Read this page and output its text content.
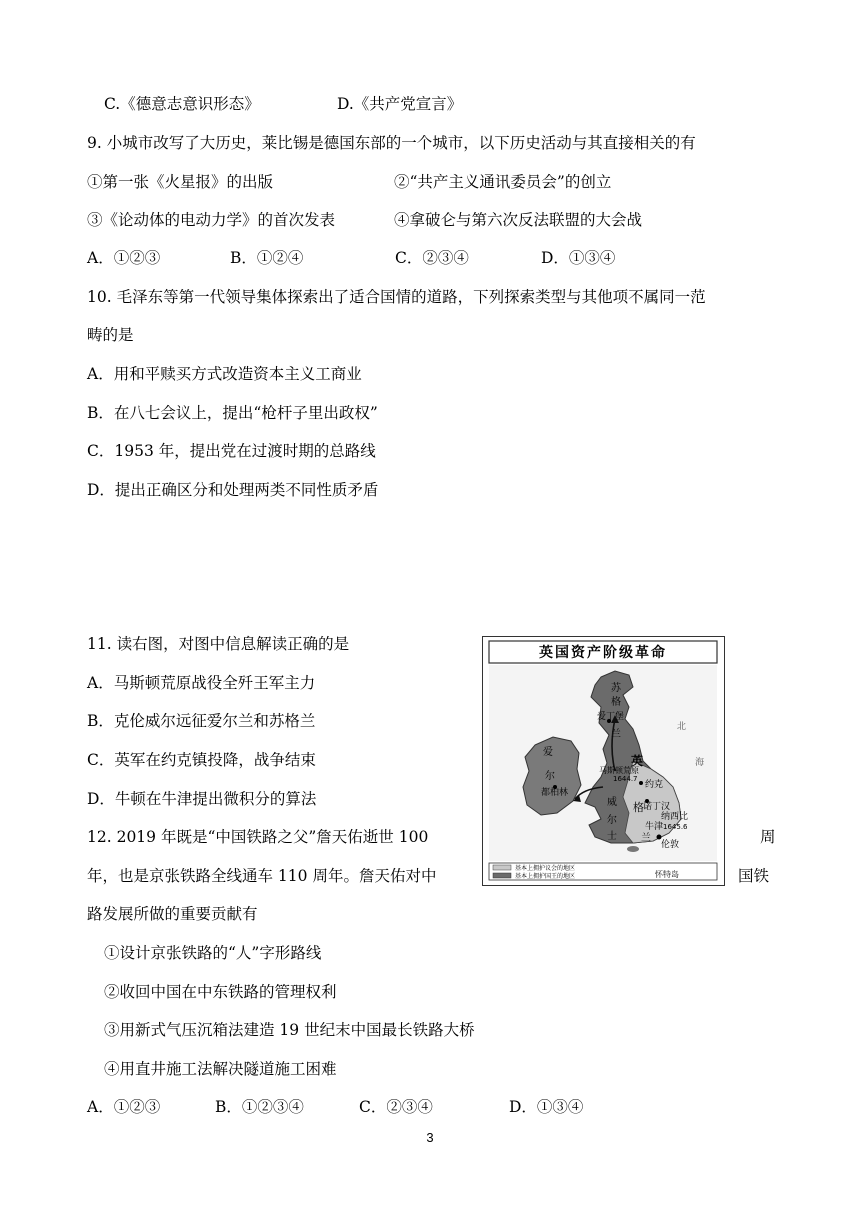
C.《德意志意识形态》	D.《共产党宣言》
9. 小城市改写了大历史，莱比锡是德国东部的一个城市，以下历史活动与其直接相关的有
①第一张《火星报》的出版	②“共产主义通讯委员会”的创立
③《论动体的电动力学》的首次发表	④拿破仑与第六次反法联盟的大会战
A．①②③	B．①②④	C．②③④	D．①③④
10. 毛泽东等第一代领导集体探索出了适合国情的道路，下列探索类型与其他项不属同一范
畴的是
A．用和平赎买方式改造资本主义工商业
B．在八七会议上，提出“枪杆子里出政权”
C．1953 年，提出党在过渡时期的总路线
D．提出正确区分和处理两类不同性质矛盾
11. 读右图，对图中信息解读正确的是
A．马斯顿荒原战役全歼王军主力
B．克伦威尔远征爱尔兰和苏格兰
C．英军在约克镇投降，战争结束
D．牛顿在牛津提出微积分的算法
英国资产阶级革命
苏
格
兰
爱丁堡
北
海
爱
尔
都柏林
马斯顿荒原
1644.7
英
约克
诺丁汉
威
尔
士
格
纳西比
1645.6
牛津
兰
伦敦
基本上拥护议会的地区
基本上拥护国王的地区	怀特岛
12. 2019 年既是“中国铁路之父”詹天佑逝世 100	周
年，也是京张铁路全线通车 110 周年。詹天佑对中	国铁
路发展所做的重要贡献有
①设计京张铁路的“人”字形路线
②收回中国在中东铁路的管理权利
③用新式气压沉箱法建造 19 世纪末中国最长铁路大桥
④用直井施工法解决隧道施工困难
A．①②③	B．①②③④	C．②③④	D．①③④
3
